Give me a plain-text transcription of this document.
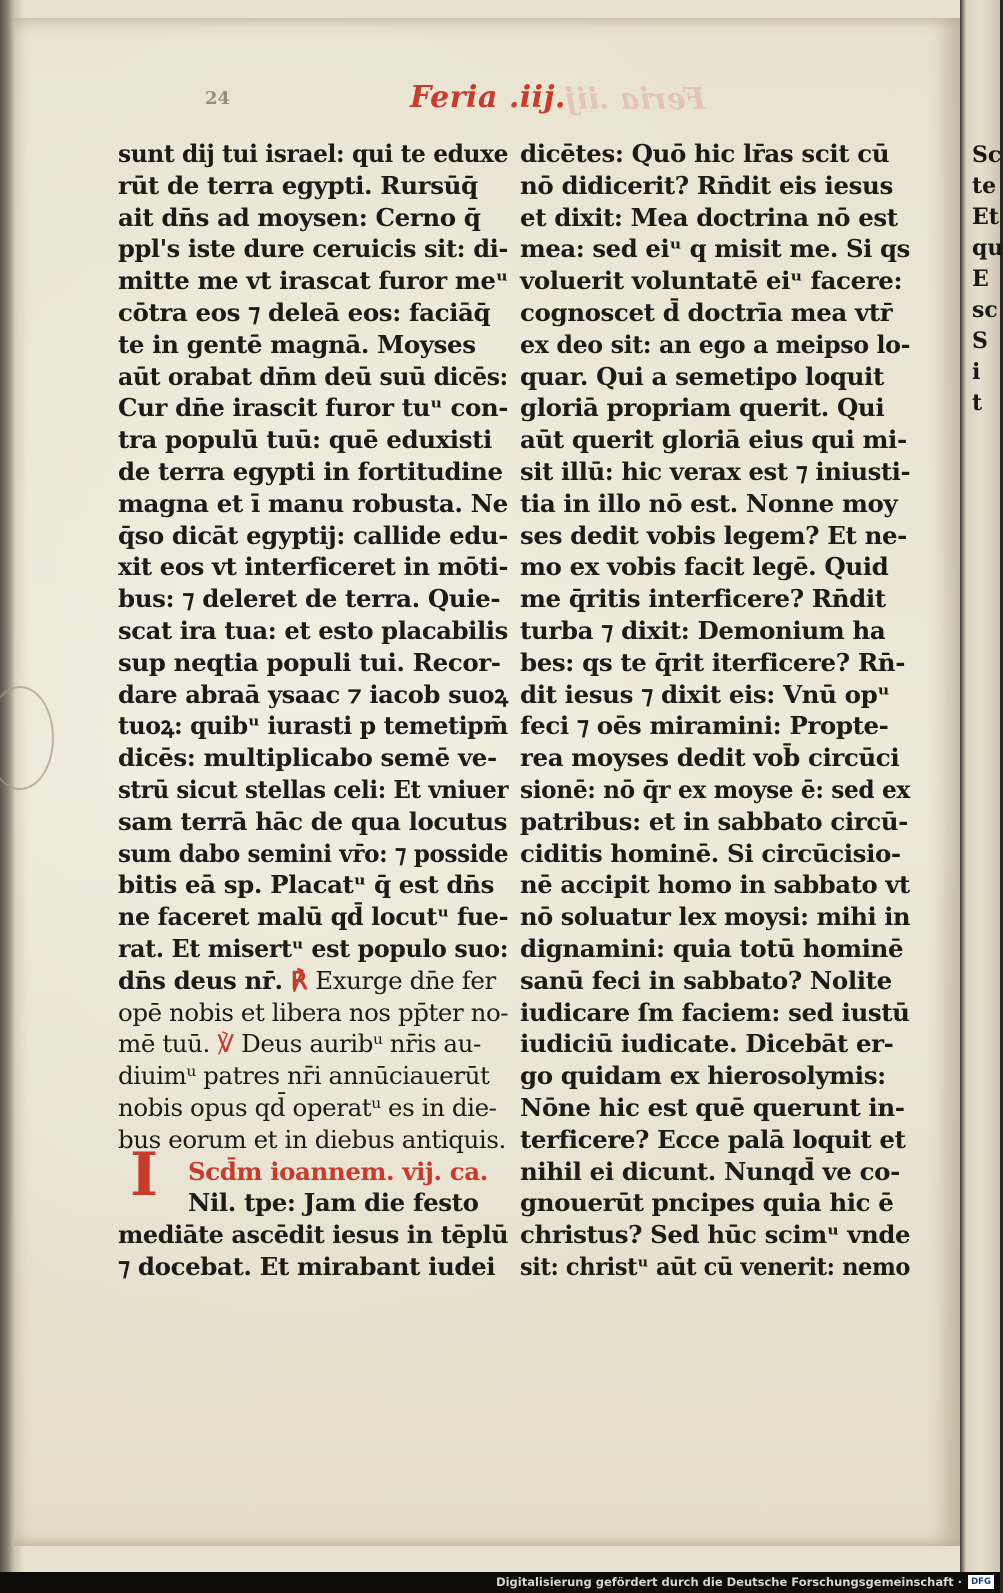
Sc
te
Et
qu
E
sc
S
i
t

24	Feria .iij.
Feria .iij.
sunt dij tui israel: qui te eduxe
rūt de terra egypti. Rursūq̄
ait dn̄s ad moysen: Cerno q̄
ppl's iste dure ceruicis sit: di-
mitte me vt irascat furor meᵘ
cōtra eos ⁊ deleā eos: faciāq̄
te in gentē magnā. Moyses
aūt orabat dn̄m deū suū dicēs:
Cur dn̄e irascit furor tuᵘ con-
tra populū tuū: quē eduxisti
de terra egypti in fortitudine
magna et ī manu robusta. Ne
q̄so dicāt egyptij: callide edu-
xit eos vt interficeret in mōti-
bus: ⁊ deleret de terra. Quie-
scat ira tua: et esto placabilis
sup neqtia populi tui. Recor-
dare abraā ysaac ⁊ iacob suoꝝ
tuoꝝ: quibᵘ iurasti p temetipm̄
dicēs: multiplicabo semē ve-
strū sicut stellas celi: Et vniuer
sam terrā hāc de qua locutus
sum dabo semini vr̄o: ⁊ posside
bitis eā sp. Placatᵘ q̄ est dn̄s
ne faceret malū qd̄ locutᵘ fue-
rat. Et misertᵘ est populo suo:
dn̄s deus nr̄. ℟ Exurge dn̄e fer
opē nobis et libera nos pp̄ter no-
mē tuū. ℣ Deus auribᵘ nr̄is au-
diuimᵘ patres nr̄i annūciauerūt
nobis opus qd̄ operatᵘ es in die-
bus eorum et in diebus antiquis.
Scd̄m ioannem. vij. ca.
Nil. tpe: Jam die festo
mediāte ascēdit iesus in tēplū
⁊ docebat. Et mirabant iudei
I
dicētes: Quō hic lr̄as scit cū
nō didicerit? Rn̄dit eis iesus
et dixit: Mea doctrina nō est
mea: sed eiᵘ q misit me. Si qs
voluerit voluntatē eiᵘ facere:
cognoscet d̄ doctrīa mea vtr̄
ex deo sit: an ego a meipso lo-
quar. Qui a semetipo loquit
gloriā propriam querit. Qui
aūt querit gloriā eius qui mi-
sit illū: hic verax est ⁊ iniusti-
tia in illo nō est. Nonne moy
ses dedit vobis legem? Et ne-
mo ex vobis facit legē. Quid
me q̄ritis interficere? Rn̄dit
turba ⁊ dixit: Demonium ha
bes: qs te q̄rit iterficere? Rn̄-
dit iesus ⁊ dixit eis: Vnū opᵘ
feci ⁊ oēs miramini: Propte-
rea moyses dedit vob̄ circūci
sionē: nō q̄r ex moyse ē: sed ex
patribus: et in sabbato circū-
ciditis hominē. Si circūcisio-
nē accipit homo in sabbato vt
nō soluatur lex moysi: mihi in
dignamini: quia totū hominē
sanū feci in sabbato? Nolite
iudicare ſm faciem: sed iustū
iudiciū iudicate. Dicebāt er-
go quidam ex hierosolymis:
Nōne hic est quē querunt in-
terficere? Ecce palā loquit et
nihil ei dicunt. Nunqd̄ ve co-
gnouerūt pncipes quia hic ē
christus? Sed hūc scimᵘ vnde
sit: christᵘ aūt cū venerit: nemo
Digitalisierung gefördert durch die Deutsche Forschungsgemeinschaft ·	DFG
